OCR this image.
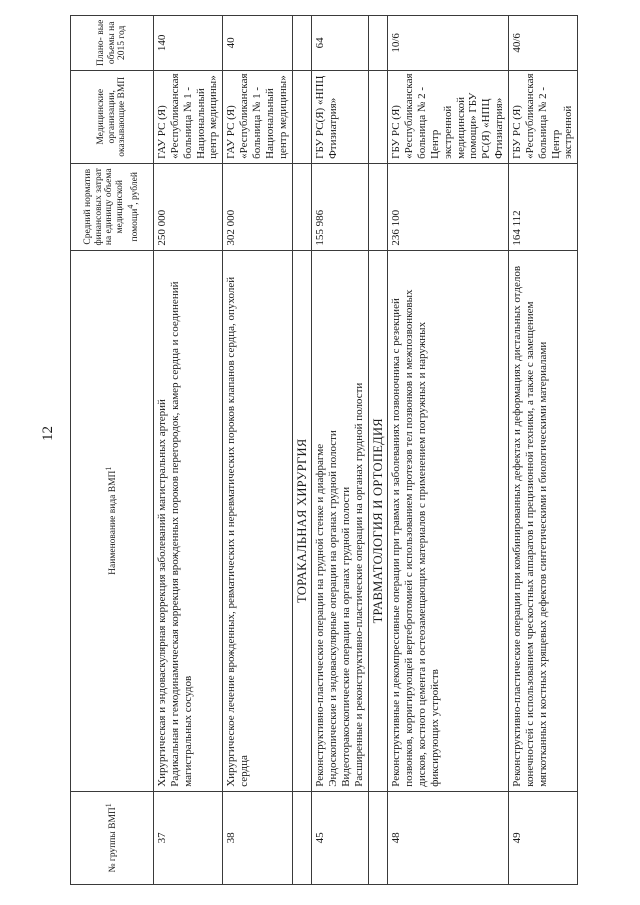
12
№ группы ВМП$^1$	Наименование вида ВМП$^1$	Средний норматив финансовых затрат на единицу объема медицинской помощи$^4$, рублей	Медицинские организации, оказывающие ВМП	Плано- вые объемы на 2015 год
37	Хирургическая и эндоваскулярная коррекция заболеваний магистральных артерий Радикальная и гемодинамическая коррекция врожденных пороков перегородок, камер сердца и соединений магистральных сосудов	250 000	ГАУ РС (Я) «Республиканская больница № 1 - Национальный центр медицины»	140
38	Хирургическое лечение врожденных, ревматических и неревматических пороков клапанов сердца, опухолей сердца	302 000	ГАУ РС (Я) «Республиканская больница № 1 - Национальный центр медицины»	40
	ТОРАКАЛЬНАЯ ХИРУРГИЯ			
45	Реконструктивно-пластические операции на грудной стенке и диафрагме Эндоскопические и эндоваскулярные операции на органах грудной полости Видеоторакоскопические операции на органах грудной полости Расширенные и реконструктивно-пластические операции на органах грудной полости	155 986	ГБУ РС(Я) «НПЦ Фтизиатрия»	64
	ТРАВМАТОЛОГИЯ И ОРТОПЕДИЯ			
48	Реконструктивные и декомпрессивные операции при травмах и заболеваниях позвоночника с резекцией позвонков, корригирующей вертебротомией с использованием протезов тел позвонков и межпозвонковых дисков, костного цемента и остеозамещающих материалов с применением погружных и наружных фиксирующих устройств	236 100	ГБУ РС (Я) «Республиканская больница № 2 - Центр экстренной медицинской помощи» ГБУ РС(Я) «НПЦ Фтизиатрия»	10/6
49	Реконструктивно-пластические операции при комбинированных дефектах и деформациях дистальных отделов конечностей с использованием чрескостных аппаратов и прецизионной техники, а также с замещением мягкотканных и костных хрящевых дефектов синтетическими и биологическими материалами	164 112	ГБУ РС (Я) «Республиканская больница № 2 - Центр экстренной	40/6
